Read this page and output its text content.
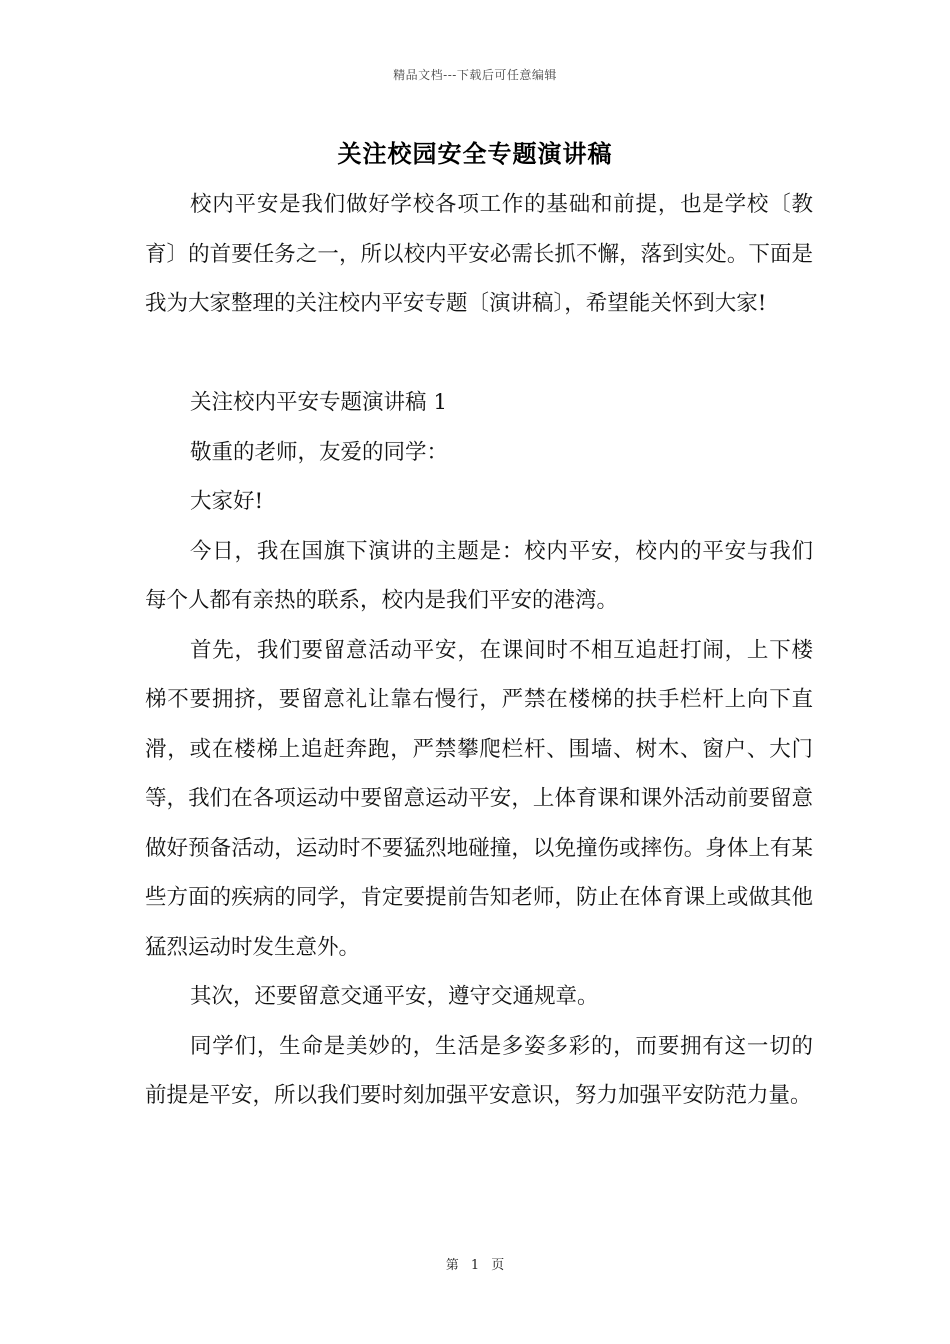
精品文档---下载后可任意编辑
关注校园安全专题演讲稿

校内平安是我们做好学校各项工作的基础和前提，也是学校〔教育〕的首要任务之一，所以校内平安必需长抓不懈，落到实处。下面是我为大家整理的关注校内平安专题〔演讲稿〕，希望能关怀到大家!

关注校内平安专题演讲稿 1

敬重的老师，友爱的同学：

大家好!

今日，我在国旗下演讲的主题是：校内平安，校内的平安与我们每个人都有亲热的联系，校内是我们平安的港湾。

首先，我们要留意活动平安，在课间时不相互追赶打闹，上下楼梯不要拥挤，要留意礼让靠右慢行，严禁在楼梯的扶手栏杆上向下直滑，或在楼梯上追赶奔跑，严禁攀爬栏杆、围墙、树木、窗户、大门等，我们在各项运动中要留意运动平安，上体育课和课外活动前要留意做好预备活动，运动时不要猛烈地碰撞，以免撞伤或摔伤。身体上有某些方面的疾病的同学，肯定要提前告知老师，防止在体育课上或做其他猛烈运动时发生意外。

其次，还要留意交通平安，遵守交通规章。

同学们，生命是美妙的，生活是多姿多彩的，而要拥有这一切的前提是平安，所以我们要时刻加强平安意识，努力加强平安防范力量。

第 1 页
